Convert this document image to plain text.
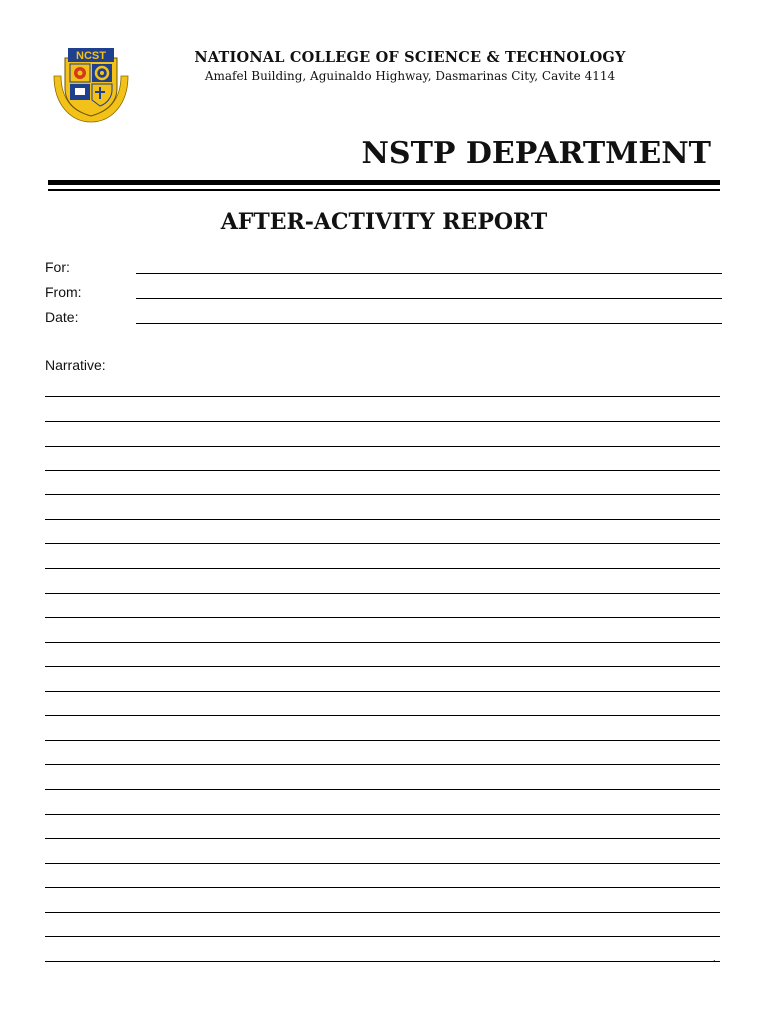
NCST	NATIONAL COLLEGE OF SCIENCE & TECHNOLOGY
Amafel Building, Aguinaldo Highway, Dasmarinas City, Cavite 4114
NSTP DEPARTMENT
AFTER-ACTIVITY REPORT
For:
From:
Date:
Narrative:
.
